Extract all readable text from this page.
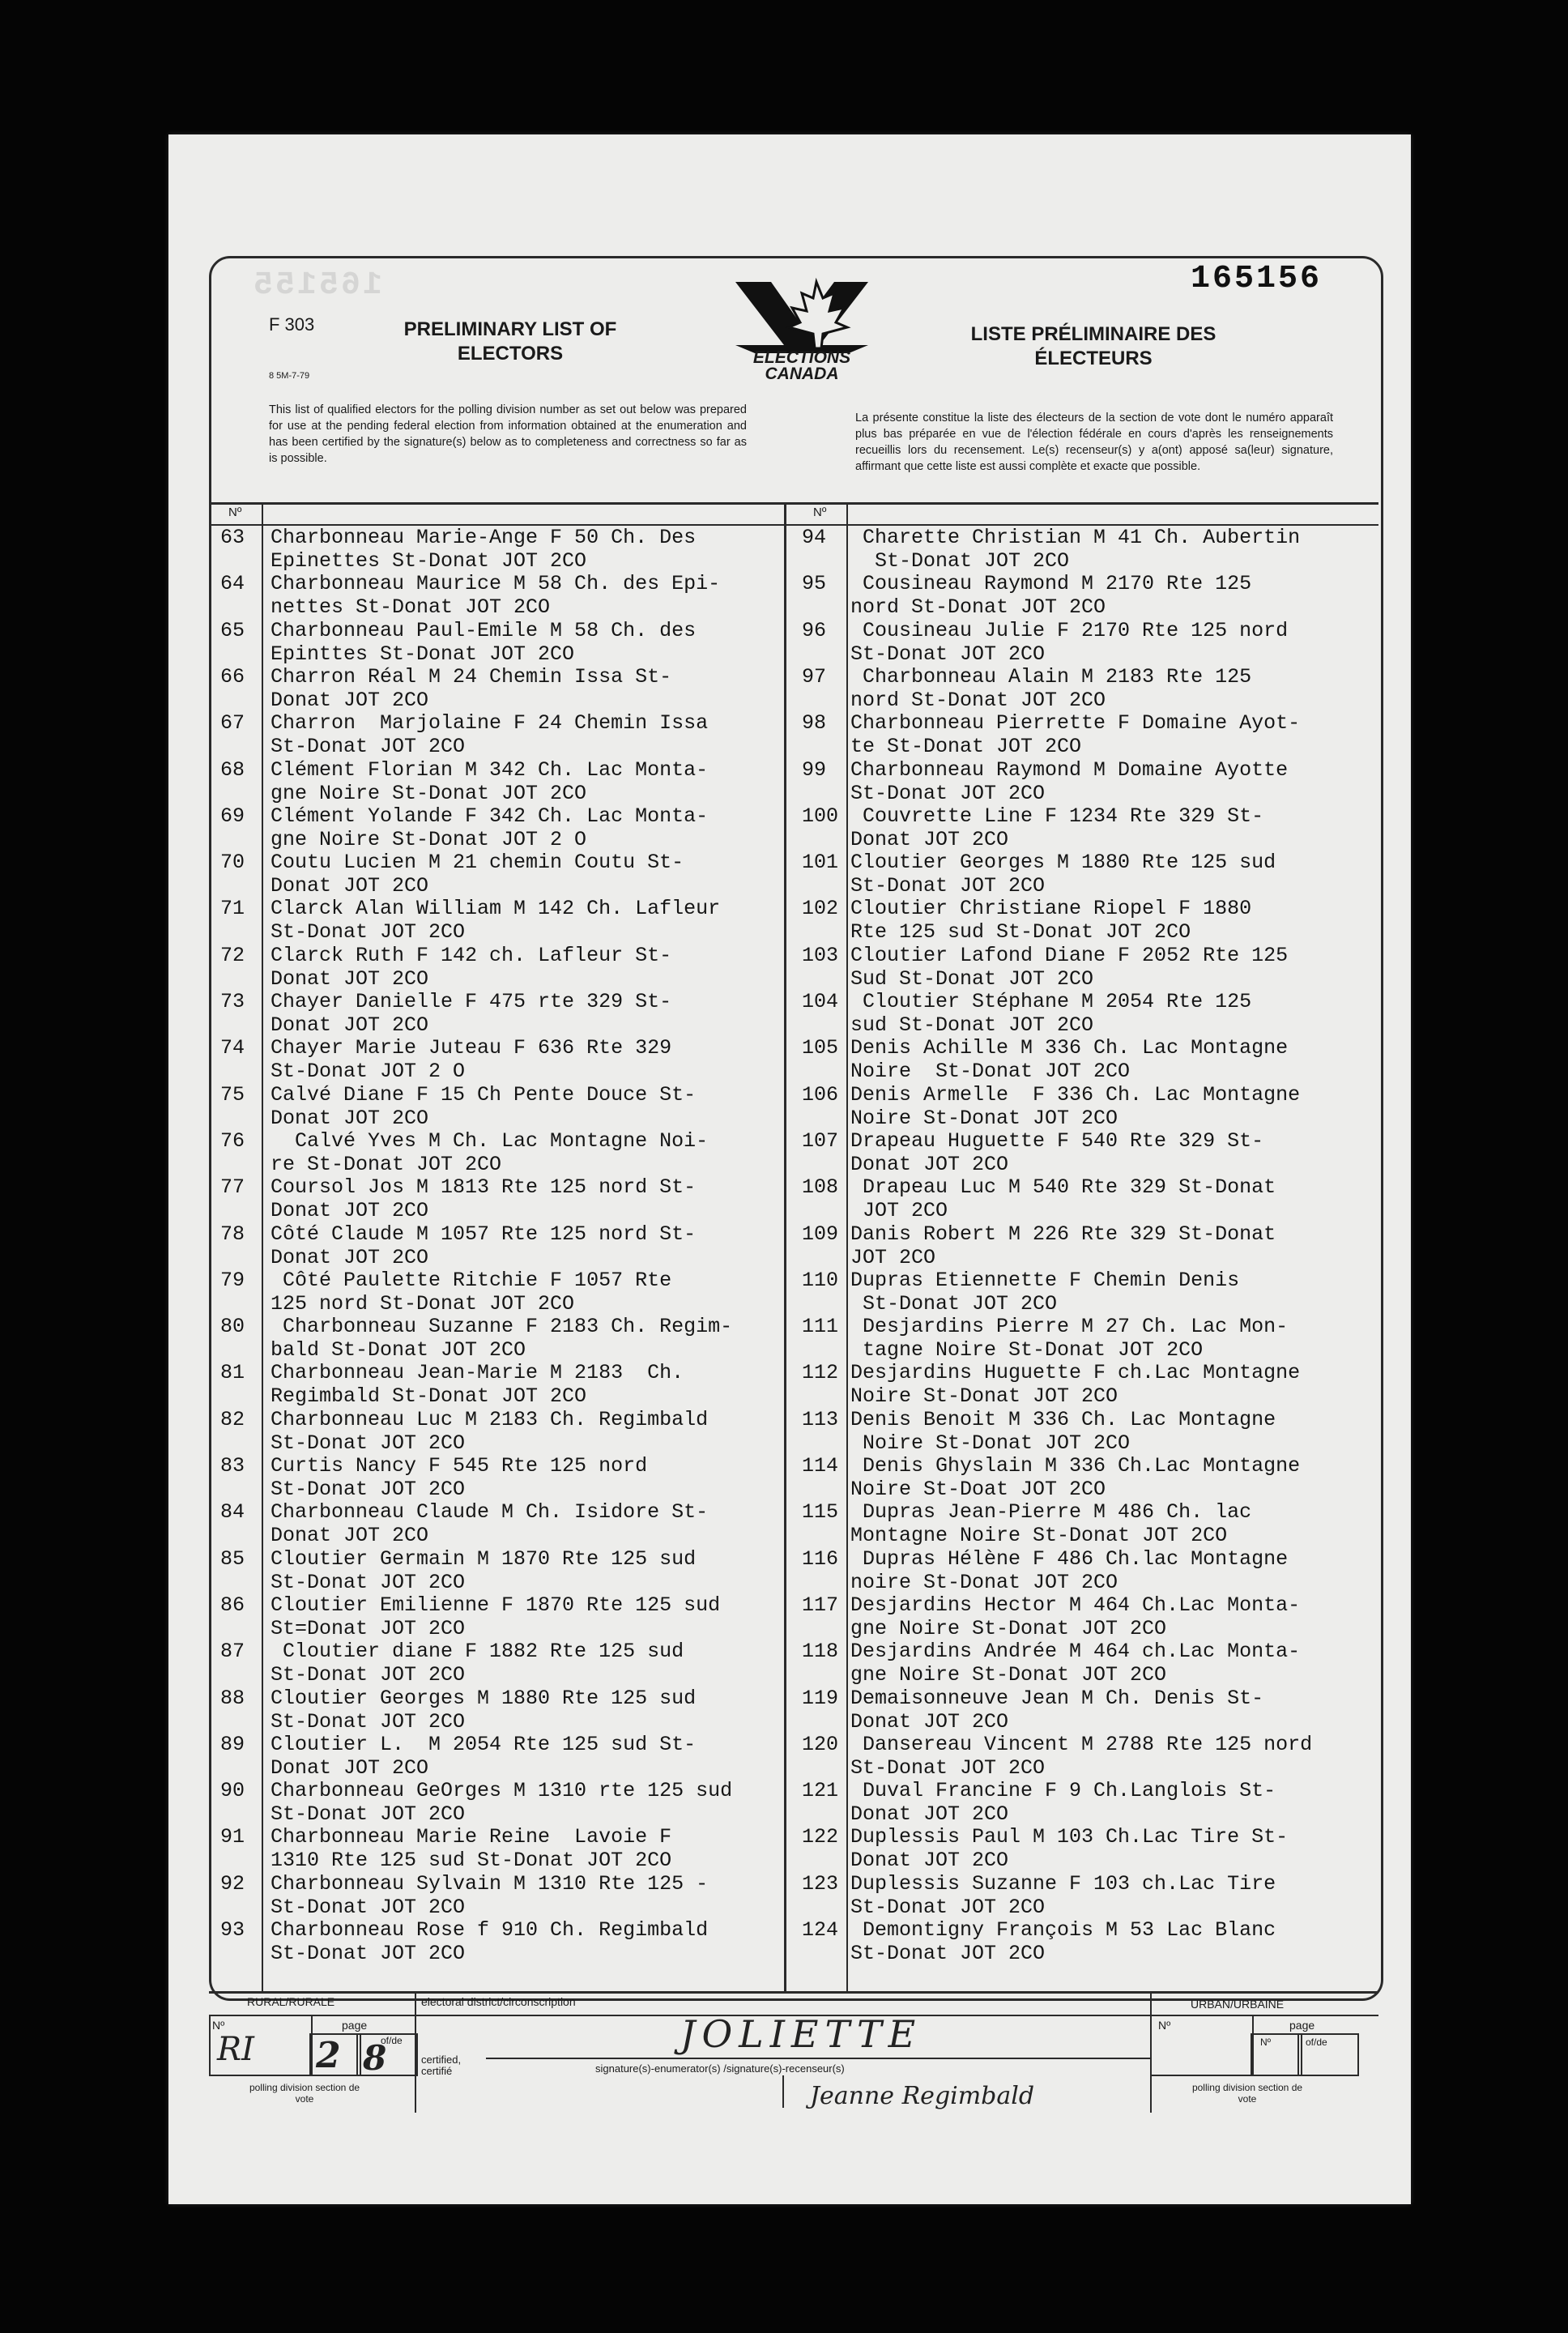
165155	165156
F 303
8 5M-7-79
PRELIMINARY LIST OF ELECTORS
LISTE PRÉLIMINAIRE DES ÉLECTEURS
ELECTIONS CANADA
This list of qualified electors for the polling division number as set out below was prepared for use at the pending federal election from information obtained at the enumeration and has been certified by the signature(s) below as to completeness and correctness so far as is possible.
La présente constitue la liste des électeurs de la section de vote dont le numéro apparaît plus bas préparée en vue de l'élection fédérale en cours d'après les renseignements recueillis lors du recensement. Le(s) recenseur(s) y a(ont) apposé sa(leur) signature, affirmant que cette liste est aussi complète et exacte que possible.
Nº	Nº
63 Charbonneau Marie-Ange F 50 Ch. Des
Epinettes St-Donat JOT 2CO
64 Charbonneau Maurice M 58 Ch. des Epi-
nettes St-Donat JOT 2CO
65 Charbonneau Paul-Emile M 58 Ch. des
Epinttes St-Donat JOT 2CO
66 Charron Réal M 24 Chemin Issa St-
Donat JOT 2CO
67 Charron  Marjolaine F 24 Chemin Issa
St-Donat JOT 2CO
68 Clément Florian M 342 Ch. Lac Monta-
gne Noire St-Donat JOT 2CO
69 Clément Yolande F 342 Ch. Lac Monta-
gne Noire St-Donat JOT 2 O
70 Coutu Lucien M 21 chemin Coutu St-
Donat JOT 2CO
71 Clarck Alan William M 142 Ch. Lafleur
St-Donat JOT 2CO
72 Clarck Ruth F 142 ch. Lafleur St-
Donat JOT 2CO
73 Chayer Danielle F 475 rte 329 St-
Donat JOT 2CO
74 Chayer Marie Juteau F 636 Rte 329
St-Donat JOT 2 O
75 Calvé Diane F 15 Ch Pente Douce St-
Donat JOT 2CO
76 Calvé Yves M Ch. Lac Montagne Noi-
re St-Donat JOT 2CO
77 Coursol Jos M 1813 Rte 125 nord St-
Donat JOT 2CO
78 Côté Claude M 1057 Rte 125 nord St-
Donat JOT 2CO
79 Côté Paulette Ritchie F 1057 Rte
125 nord St-Donat JOT 2CO
80 Charbonneau Suzanne F 2183 Ch. Regim-
bald St-Donat JOT 2CO
81 Charbonneau Jean-Marie M 2183  Ch.
Regimbald St-Donat JOT 2CO
82 Charbonneau Luc M 2183 Ch. Regimbald
St-Donat JOT 2CO
83 Curtis Nancy F 545 Rte 125 nord
St-Donat JOT 2CO
84 Charbonneau Claude M Ch. Isidore St-
Donat JOT 2CO
85 Cloutier Germain M 1870 Rte 125 sud
St-Donat JOT 2CO
86 Cloutier Emilienne F 1870 Rte 125 sud
St=Donat JOT 2CO
87 Cloutier diane F 1882 Rte 125 sud
St-Donat JOT 2CO
88 Cloutier Georges M 1880 Rte 125 sud
St-Donat JOT 2CO
89 Cloutier L.  M 2054 Rte 125 sud St-
Donat JOT 2CO
90 Charbonneau GeOrges M 1310 rte 125 sud
St-Donat JOT 2CO
91 Charbonneau Marie Reine  Lavoie F
1310 Rte 125 sud St-Donat JOT 2CO
92 Charbonneau Sylvain M 1310 Rte 125 -
St-Donat JOT 2CO
93 Charbonneau Rose f 910 Ch. Regimbald
St-Donat JOT 2CO
94 Charette Christian M 41 Ch. Aubertin
St-Donat JOT 2CO
95 Cousineau Raymond M 2170 Rte 125
nord St-Donat JOT 2CO
96 Cousineau Julie F 2170 Rte 125 nord
St-Donat JOT 2CO
97 Charbonneau Alain M 2183 Rte 125
nord St-Donat JOT 2CO
98 Charbonneau Pierrette F Domaine Ayot-
te St-Donat JOT 2CO
99 Charbonneau Raymond M Domaine Ayotte
St-Donat JOT 2CO
100 Couvrette Line F 1234 Rte 329 St-
Donat JOT 2CO
101 Cloutier Georges M 1880 Rte 125 sud
St-Donat JOT 2CO
102 Cloutier Christiane Riopel F 1880
Rte 125 sud St-Donat JOT 2CO
103 Cloutier Lafond Diane F 2052 Rte 125
Sud St-Donat JOT 2CO
104 Cloutier Stéphane M 2054 Rte 125
sud St-Donat JOT 2CO
105 Denis Achille M 336 Ch. Lac Montagne
Noire  St-Donat JOT 2CO
106 Denis Armelle  F 336 Ch. Lac Montagne
Noire St-Donat JOT 2CO
107 Drapeau Huguette F 540 Rte 329 St-
Donat JOT 2CO
108 Drapeau Luc M 540 Rte 329 St-Donat
JOT 2CO
109 Danis Robert M 226 Rte 329 St-Donat
JOT 2CO
110 Dupras Etiennette F Chemin Denis
St-Donat JOT 2CO
111 Desjardins Pierre M 27 Ch. Lac Mon-
tagne Noire St-Donat JOT 2CO
112 Desjardins Huguette F ch.Lac Montagne
Noire St-Donat JOT 2CO
113 Denis Benoit M 336 Ch. Lac Montagne
Noire St-Donat JOT 2CO
114 Denis Ghyslain M 336 Ch.Lac Montagne
Noire St-Doat JOT 2CO
115 Dupras Jean-Pierre M 486 Ch. lac
Montagne Noire St-Donat JOT 2CO
116 Dupras Hélène F 486 Ch.lac Montagne
noire St-Donat JOT 2CO
117 Desjardins Hector M 464 Ch.Lac Monta-
gne Noire St-Donat JOT 2CO
118 Desjardins Andrée M 464 ch.Lac Monta-
gne Noire St-Donat JOT 2CO
119 Demaisonneuve Jean M Ch. Denis St-
Donat JOT 2CO
120 Dansereau Vincent M 2788 Rte 125 nord
St-Donat JOT 2CO
121 Duval Francine F 9 Ch.Langlois St-
Donat JOT 2CO
122 Duplessis Paul M 103 Ch.Lac Tire St-
Donat JOT 2CO
123 Duplessis Suzanne F 103 ch.Lac Tire
St-Donat JOT 2CO
124 Demontigny François M 53 Lac Blanc
St-Donat JOT 2CO
RURAL/RURALE	electoral district/circonscription	URBAN/URBAINE
Nº
RI
page
of/de
2 8
polling division section de vote
JOLIETTE
certified, certifié	signature(s)-enumerator(s) /signature(s)-recenseur(s)
Jeanne Regimbald
Nº	page
Nº	of/de
polling division section de vote
